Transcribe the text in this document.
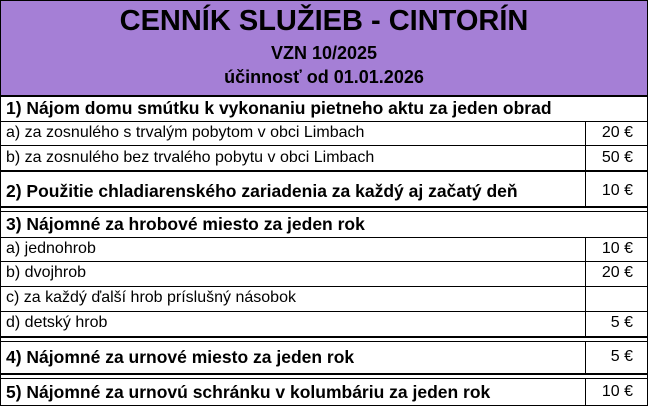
CENNÍK SLUŽIEB - CINTORÍN
VZN 10/2025
účinnosť od 01.01.2026
1) Nájom domu smútku k vykonaniu pietneho aktu za jeden obrad
a) za zosnulého s trvalým pobytom v obci Limbach	20 €
b) za zosnulého bez trvalého pobytu v obci Limbach	50 €
2) Použitie chladiarenského zariadenia za každý aj začatý deň	10 €
3) Nájomné za hrobové miesto za jeden rok
a) jednohrob	10 €
b) dvojhrob	20 €
c) za každý ďalší hrob príslušný násobok
d) detský hrob	5 €
4) Nájomné za urnové miesto za jeden rok	5 €
5) Nájomné za urnovú schránku v kolumbáriu za jeden rok	10 €
